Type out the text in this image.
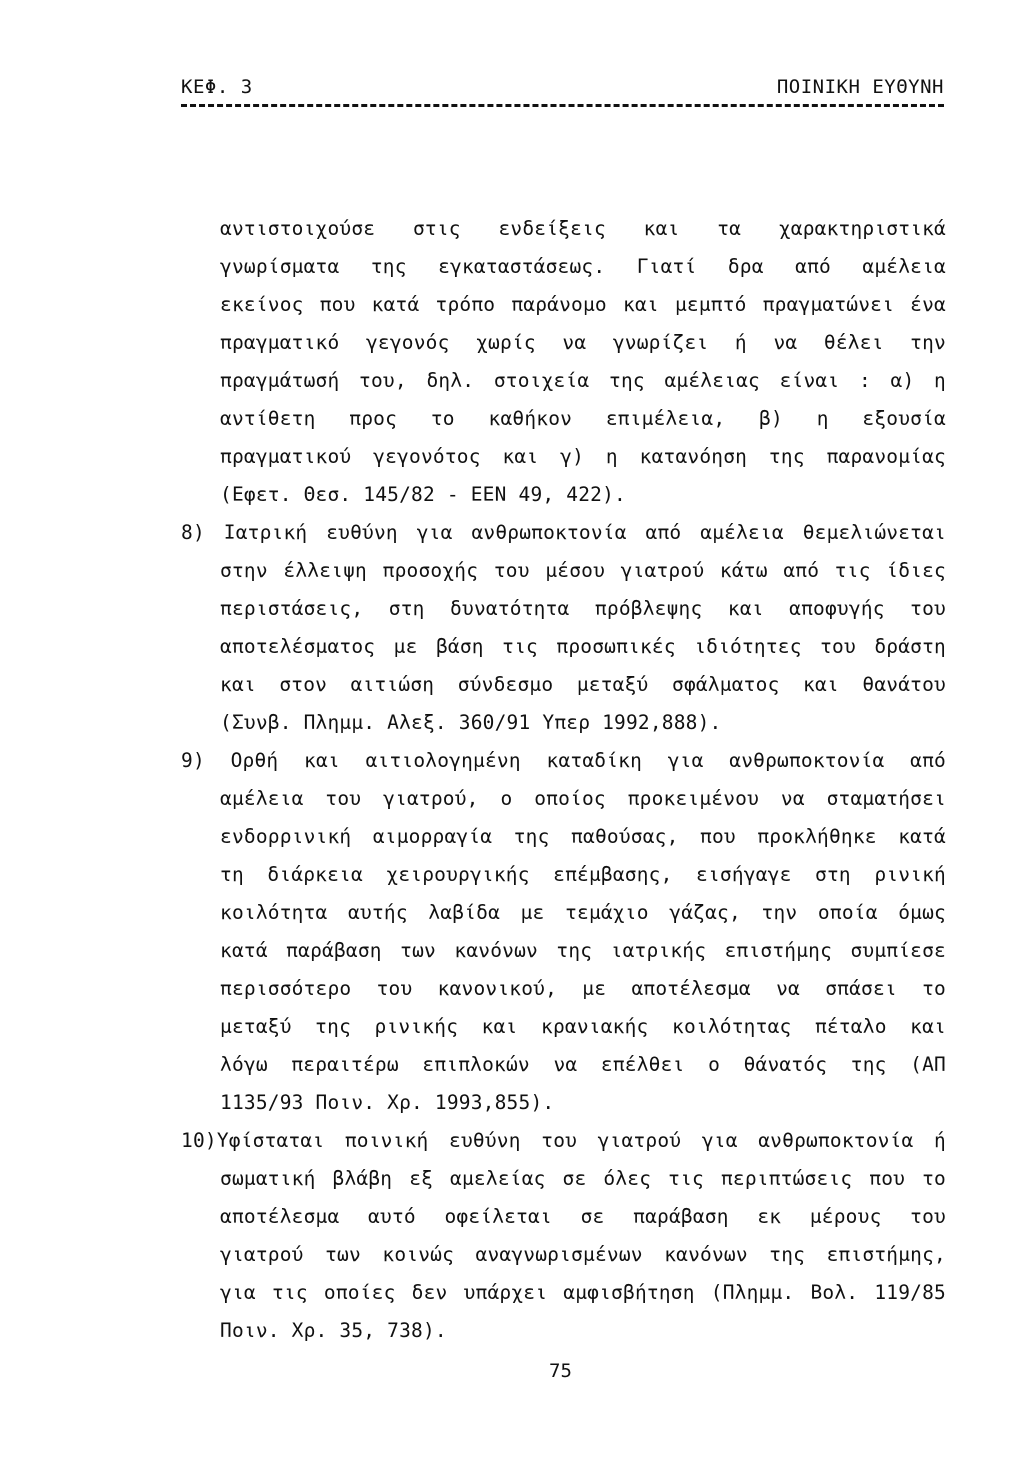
ΚΕΦ. 3	ΠΟΙΝΙΚΗ ΕΥΘΥΝΗ
αντιστοιχούσε στις ενδείξεις και τα χαρακτηριστικά
γνωρίσματα της εγκαταστάσεως. Γιατί δρα από αμέλεια
εκείνος που κατά τρόπο παράνομο και μεμπτό πραγματώνει ένα
πραγματικό γεγονός χωρίς να γνωρίζει ή να θέλει την
πραγμάτωσή του, δηλ. στοιχεία της αμέλειας είναι : α) η
αντίθετη προς το καθήκον επιμέλεια, β) η εξουσία
πραγματικού γεγονότος και γ) η κατανόηση της παρανομίας
(Εφετ. Θεσ. 145/82 - ΕΕΝ 49, 422).
8) Ιατρική ευθύνη για ανθρωποκτονία από αμέλεια θεμελιώνεται
στην έλλειψη προσοχής του μέσου γιατρού κάτω από τις ίδιες
περιστάσεις, στη δυνατότητα πρόβλεψης και αποφυγής του
αποτελέσματος με βάση τις προσωπικές ιδιότητες του δράστη
και στον αιτιώση σύνδεσμο μεταξύ σφάλματος και θανάτου
(Συνβ. Πλημμ. Αλεξ. 360/91 Υπερ 1992,888).
9) Ορθή και αιτιολογημένη καταδίκη για ανθρωποκτονία από
αμέλεια του γιατρού, ο οποίος προκειμένου να σταματήσει
ενδορρινική αιμορραγία της παθούσας, που προκλήθηκε κατά
τη διάρκεια χειρουργικής επέμβασης, εισήγαγε στη ρινική
κοιλότητα αυτής λαβίδα με τεμάχιο γάζας, την οποία όμως
κατά παράβαση των κανόνων της ιατρικής επιστήμης συμπίεσε
περισσότερο του κανονικού, με αποτέλεσμα να σπάσει το
μεταξύ της ρινικής και κρανιακής κοιλότητας πέταλο και
λόγω περαιτέρω επιπλοκών να επέλθει ο θάνατός της (ΑΠ
1135/93 Ποιν. Χρ. 1993,855).
10)Υφίσταται ποινική ευθύνη του γιατρού για ανθρωποκτονία ή
σωματική βλάβη εξ αμελείας σε όλες τις περιπτώσεις που το
αποτέλεσμα αυτό οφείλεται σε παράβαση εκ μέρους του
γιατρού των κοινώς αναγνωρισμένων κανόνων της επιστήμης,
για τις οποίες δεν υπάρχει αμφισβήτηση (Πλημμ. Βολ. 119/85
Ποιν. Χρ. 35, 738).
75
